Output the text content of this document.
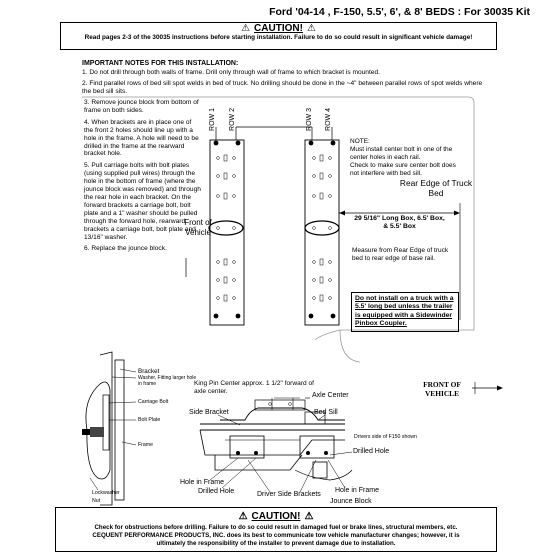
Ford '04-14 , F-150, 5.5', 6', & 8' BEDS : For 30035 Kit
⚠ CAUTION! ⚠
Read pages 2-3 of the 30035 instructions before starting installation. Failure to do so could result in significant vehicle damage!
IMPORTANT NOTES FOR THIS INSTALLATION:
1. Do not drill through both walls of frame. Drill only through wall of frame to which bracket is mounted.
2. Find parallel rows of bed sill spot welds in bed of truck. No drilling should be done in the ~4" between parallel rows of spot welds where the bed sill sits.
3. Remove jounce block from bottom of frame on both sides.
4. When brackets are in place one of the front 2 holes should line up with a hole in the frame. A hole will need to be drilled in the frame at the rearward bracket hole.
5. Pull carriage bolts with bolt plates (using supplied pull wires) through the hole in the bottom of frame (where the jounce block was removed) and through the rear hole in each bracket. On the forward brackets a carriage bolt, bolt plate and a 1" washer should be pulled through the forward hole, rearward brackets a carriage bolt, bolt plate and 13/16" washer.
6. Replace the jounce block.
ROW 1 ROW 2	ROW 3 ROW 4
Front of Vehicle
NOTE:
Must install center bolt in one of the center holes in each rail.
Check to make sure center bolt does not interfere with bed sill.
Rear Edge of Truck Bed
29 5/16" Long Box, 6.5' Box, & 5.5' Box
Measure from Rear Edge of truck bed to rear edge of base rail.
Do not install on a truck with a 5.5' long bed unless the trailer is equipped with a Sidewinder Pinbox Coupler.
Bracket
Washer, Fitting larger hole in frame
Carriage Bolt
Bolt Plate
Frame
Lockwasher
Nut
King Pin Center approx. 1 1/2" forward of axle center.
Axle Center
FRONT OF VEHICLE
Side Bracket	Bed Sill
Drivers side of F150 shown
Drilled Hole
Hole in Frame
Drilled Hole	Driver Side Brackets
Hole in Frame
Jounce Block
⚠ CAUTION! ⚠
Check for obstructions before drilling. Failure to do so could result in damaged fuel or brake lines, structural members, etc.
CEQUENT PERFORMANCE PRODUCTS, INC. does its best to communicate tow vehicle manufacturer changes; however, it is
ultimately the responsibility of the installer to prevent damage due to installation.
